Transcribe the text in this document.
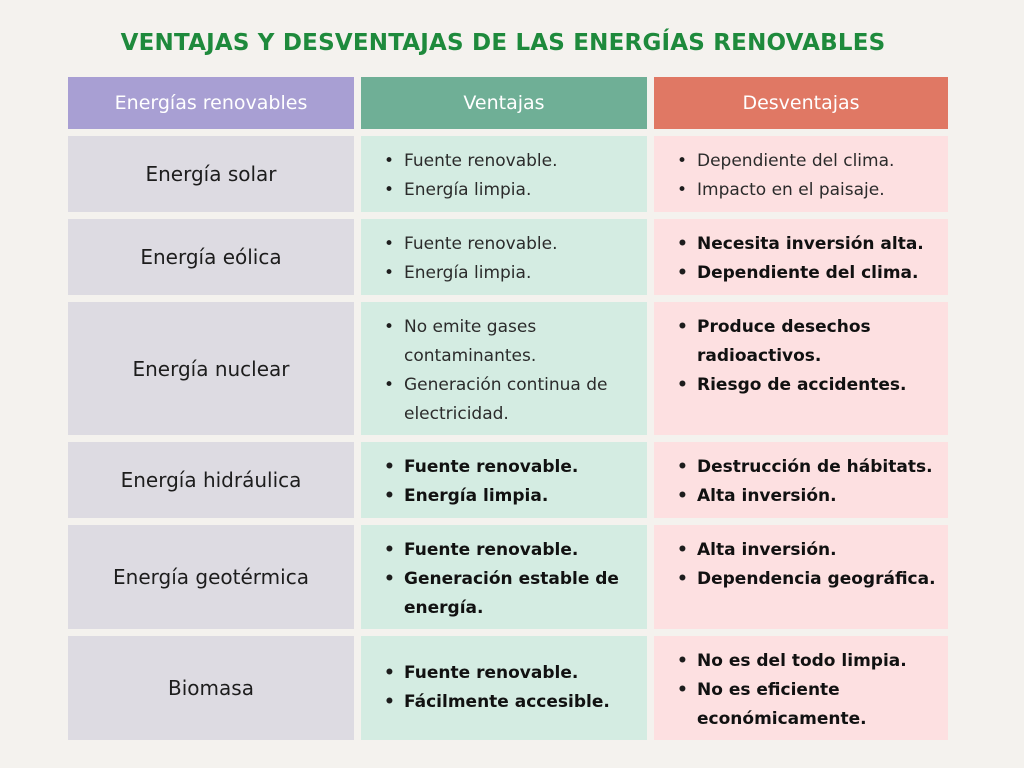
VENTAJAS Y DESVENTAJAS DE LAS ENERGÍAS RENOVABLES
Energías renovables	Ventajas	Desventajas
Energía solar
• Fuente renovable.
• Energía limpia.
• Dependiente del clima.
• Impacto en el paisaje.
Energía eólica
• Fuente renovable.
• Energía limpia.
• Necesita inversión alta.
• Dependiente del clima.
Energía nuclear
• No emite gases contaminantes.
• Generación continua de electricidad.
• Produce desechos radioactivos.
• Riesgo de accidentes.
Energía hidráulica
• Fuente renovable.
• Energía limpia.
• Destrucción de hábitats.
• Alta inversión.
Energía geotérmica
• Fuente renovable.
• Generación estable de energía.
• Alta inversión.
• Dependencia geográfica.
Biomasa
• Fuente renovable.
• Fácilmente accesible.
• No es del todo limpia.
• No es eficiente económicamente.
